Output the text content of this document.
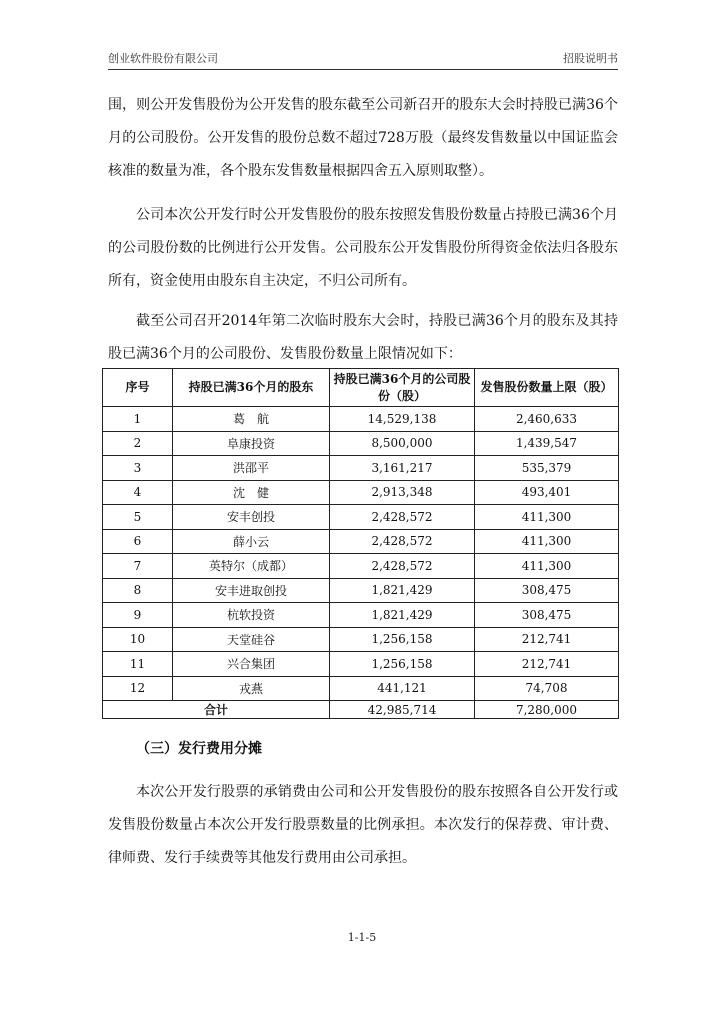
创业软件股份有限公司	招股说明书

围，则公开发售股份为公开发售的股东截至公司新召开的股东大会时持股已满36个月的公司股份。公开发售的股份总数不超过728万股（最终发售数量以中国证监会核准的数量为准，各个股东发售数量根据四舍五入原则取整）。

公司本次公开发行时公开发售股份的股东按照发售股份数量占持股已满36个月的公司股份数的比例进行公开发售。公司股东公开发售股份所得资金依法归各股东所有，资金使用由股东自主决定，不归公司所有。

截至公司召开2014年第二次临时股东大会时，持股已满36个月的股东及其持股已满36个月的公司股份、发售股份数量上限情况如下：

序号	持股已满36个月的股东	持股已满36个月的公司股份（股）	发售股份数量上限（股）
1	葛　航	14,529,138	2,460,633
2	阜康投资	8,500,000	1,439,547
3	洪邵平	3,161,217	535,379
4	沈　健	2,913,348	493,401
5	安丰创投	2,428,572	411,300
6	薛小云	2,428,572	411,300
7	英特尔（成都）	2,428,572	411,300
8	安丰进取创投	1,821,429	308,475
9	杭软投资	1,821,429	308,475
10	天堂硅谷	1,256,158	212,741
11	兴合集团	1,256,158	212,741
12	戎燕	441,121	74,708
合计		42,985,714	7,280,000

（三）发行费用分摊

本次公开发行股票的承销费由公司和公开发售股份的股东按照各自公开发行或发售股份数量占本次公开发行股票数量的比例承担。本次发行的保荐费、审计费、律师费、发行手续费等其他发行费用由公司承担。

1-1-5
